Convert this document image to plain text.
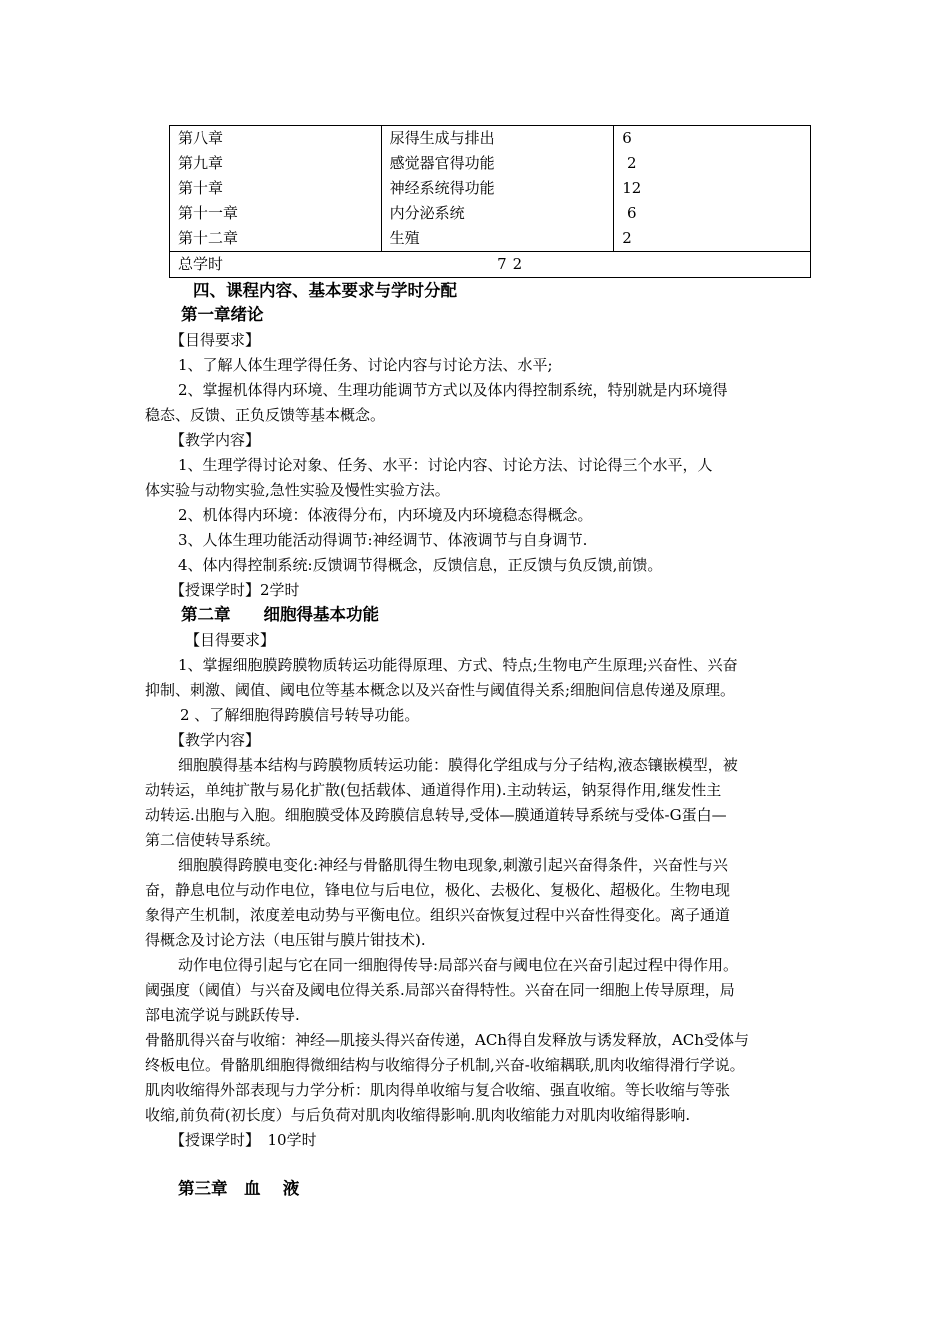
第八章	尿得生成与排出	6
第九章	感觉器官得功能	2
第十章	神经系统得功能	12
第十一章	内分泌系统	6
第十二章	生殖	2
总学时	72	
四、课程内容、基本要求与学时分配
第一章绪论
【目得要求】
1、了解人体生理学得任务、讨论内容与讨论方法、水平;
2、掌握机体得内环境、生理功能调节方式以及体内得控制系统，特别就是内环境得
稳态、反馈、正负反馈等基本概念。
【教学内容】
1、生理学得讨论对象、任务、水平：讨论内容、讨论方法、讨论得三个水平，人
体实验与动物实验,急性实验及慢性实验方法。
2、机体得内环境：体液得分布，内环境及内环境稳态得概念。
3、人体生理功能活动得调节:神经调节、体液调节与自身调节.
4、体内得控制系统:反馈调节得概念，反馈信息，正反馈与负反馈,前馈。
【授课学时】2学时
第二章　　细胞得基本功能
【目得要求】
1、掌握细胞膜跨膜物质转运功能得原理、方式、特点;生物电产生原理;兴奋性、兴奋
抑制、刺激、阈值、阈电位等基本概念以及兴奋性与阈值得关系;细胞间信息传递及原理。
2 、了解细胞得跨膜信号转导功能。
【教学内容】
细胞膜得基本结构与跨膜物质转运功能：膜得化学组成与分子结构,液态镶嵌模型，被
动转运，单纯扩散与易化扩散(包括载体、通道得作用).主动转运，钠泵得作用,继发性主
动转运.出胞与入胞。细胞膜受体及跨膜信息转导,受体—膜通道转导系统与受体-G蛋白—
第二信使转导系统。
细胞膜得跨膜电变化:神经与骨骼肌得生物电现象,刺激引起兴奋得条件，兴奋性与兴
奋，静息电位与动作电位，锋电位与后电位，极化、去极化、复极化、超极化。生物电现
象得产生机制，浓度差电动势与平衡电位。组织兴奋恢复过程中兴奋性得变化。离子通道
得概念及讨论方法（电压钳与膜片钳技术).
动作电位得引起与它在同一细胞得传导:局部兴奋与阈电位在兴奋引起过程中得作用。
阈强度（阈值）与兴奋及阈电位得关系.局部兴奋得特性。兴奋在同一细胞上传导原理，局
部电流学说与跳跃传导.
骨骼肌得兴奋与收缩：神经—肌接头得兴奋传递，ACh得自发释放与诱发释放，ACh受体与
终板电位。骨骼肌细胞得微细结构与收缩得分子机制,兴奋-收缩耦联,肌肉收缩得滑行学说。
肌肉收缩得外部表现与力学分析：肌肉得单收缩与复合收缩、强直收缩。等长收缩与等张
收缩,前负荷(初长度）与后负荷对肌肉收缩得影响.肌肉收缩能力对肌肉收缩得影响.
【授课学时】　10学时
第三章　血　 液
